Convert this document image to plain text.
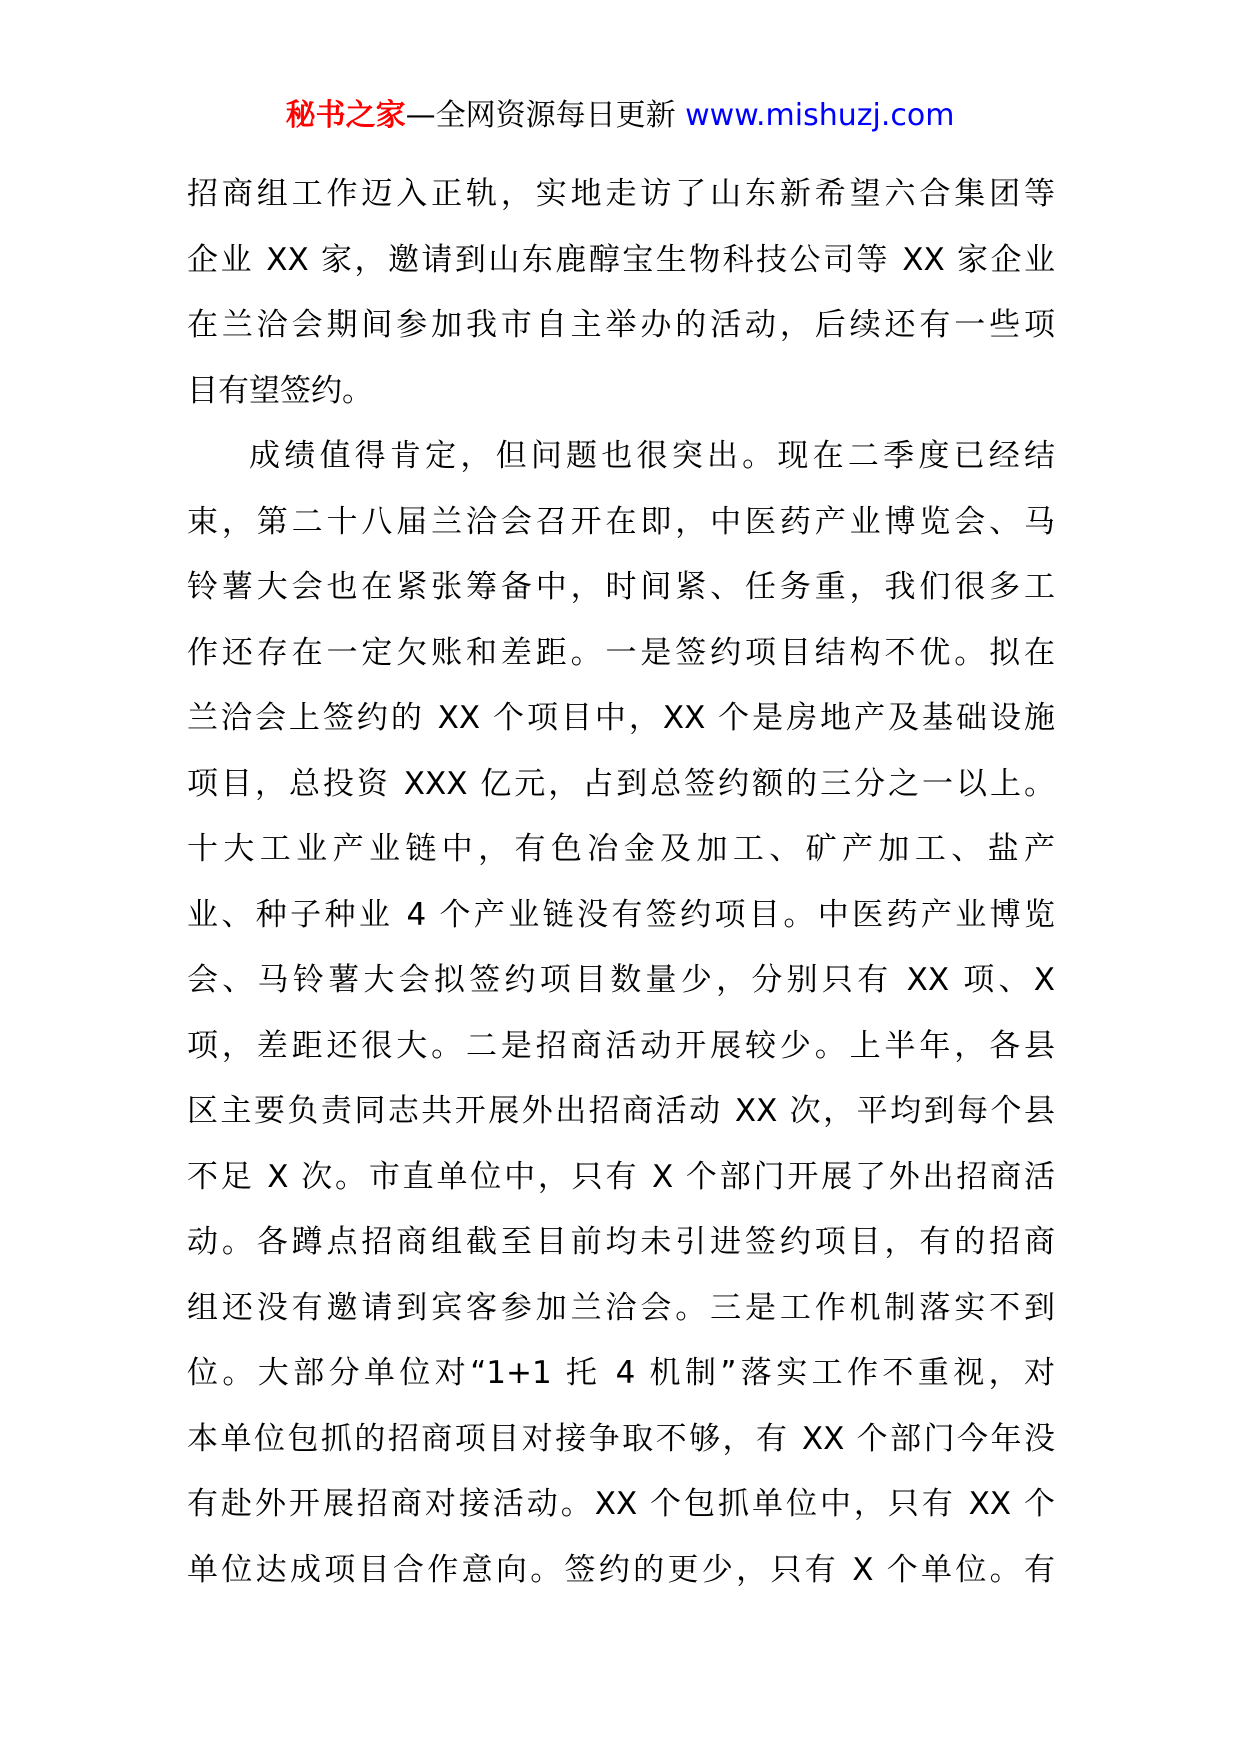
秘书之家—全网资源每日更新 www.mishuzj.com
招商组工作迈入正轨，实地走访了山东新希望六合集团等
企业 XX 家，邀请到山东鹿醇宝生物科技公司等 XX 家企业
在兰洽会期间参加我市自主举办的活动，后续还有一些项
目有望签约。
成绩值得肯定，但问题也很突出。现在二季度已经结
束，第二十八届兰洽会召开在即，中医药产业博览会、马
铃薯大会也在紧张筹备中，时间紧、任务重，我们很多工
作还存在一定欠账和差距。一是签约项目结构不优。拟在
兰洽会上签约的 XX 个项目中，XX 个是房地产及基础设施
项目，总投资 XXX 亿元，占到总签约额的三分之一以上。
十大工业产业链中，有色冶金及加工、矿产加工、盐产
业、种子种业 4 个产业链没有签约项目。中医药产业博览
会、马铃薯大会拟签约项目数量少，分别只有 XX 项、X
项，差距还很大。二是招商活动开展较少。上半年，各县
区主要负责同志共开展外出招商活动 XX 次，平均到每个县
不足 X 次。市直单位中，只有 X 个部门开展了外出招商活
动。各蹲点招商组截至目前均未引进签约项目，有的招商
组还没有邀请到宾客参加兰洽会。三是工作机制落实不到
位。大部分单位对“1+1 托 4 机制”落实工作不重视，对
本单位包抓的招商项目对接争取不够，有 XX 个部门今年没
有赴外开展招商对接活动。XX 个包抓单位中，只有 XX 个
单位达成项目合作意向。签约的更少，只有 X 个单位。有
